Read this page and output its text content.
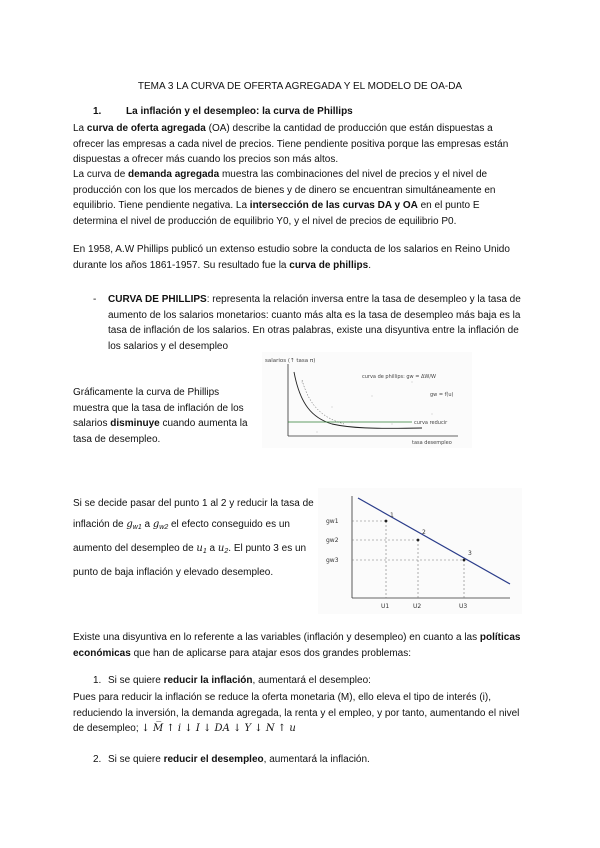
TEMA 3 LA CURVA DE OFERTA AGREGADA Y EL MODELO DE OA-DA
1. La inflación y el desempleo: la curva de Phillips
La curva de oferta agregada (OA) describe la cantidad de producción que están dispuestas a ofrecer las empresas a cada nivel de precios. Tiene pendiente positiva porque las empresas están dispuestas a ofrecer más cuando los precios son más altos.
La curva de demanda agregada muestra las combinaciones del nivel de precios y el nivel de producción con los que los mercados de bienes y de dinero se encuentran simultáneamente en equilibrio. Tiene pendiente negativa. La intersección de las curvas DA y OA en el punto E determina el nivel de producción de equilibrio Y0, y el nivel de precios de equilibrio P0.
En 1958, A.W Phillips publicó un extenso estudio sobre la conducta de los salarios en Reino Unido durante los años 1861-1957. Su resultado fue la curva de phillips.
- CURVA DE PHILLIPS: representa la relación inversa entre la tasa de desempleo y la tasa de aumento de los salarios monetarios: cuanto más alta es la tasa de desempleo más baja es la tasa de inflación de los salarios. En otras palabras, existe una disyuntiva entre la inflación de los salarios y el desempleo
salarios (↑ tasa π)
curva de phillips: gw = ΔW/W
gw = f(u)
curva reducir
tasa desempleo
Gráficamente la curva de Phillips muestra que la tasa de inflación de los salarios disminuye cuando aumenta la tasa de desempleo.
Si se decide pasar del punto 1 al 2 y reducir la tasa de inflación de $g_{w1}$ a $g_{w2}$ el efecto conseguido es un aumento del desempleo de $u_1$ a $u_2$. El punto 3 es un punto de baja inflación y elevado desempleo.
1
2
3
gw1
gw2
gw3
U1	U2	U3
Existe una disyuntiva en lo referente a las variables (inflación y desempleo) en cuanto a las políticas económicas que han de aplicarse para atajar esos dos grandes problemas:
1. Si se quiere reducir la inflación, aumentará el desempleo:
Pues para reducir la inflación se reduce la oferta monetaria (M), ello eleva el tipo de interés (i), reduciendo la inversión, la demanda agregada, la renta y el empleo, y por tanto, aumentando el nivel de desempleo; ↓ M̅ ↑ i ↓ I ↓ DA ↓ Y ↓ N ↑ u
2. Si se quiere reducir el desempleo, aumentará la inflación.
